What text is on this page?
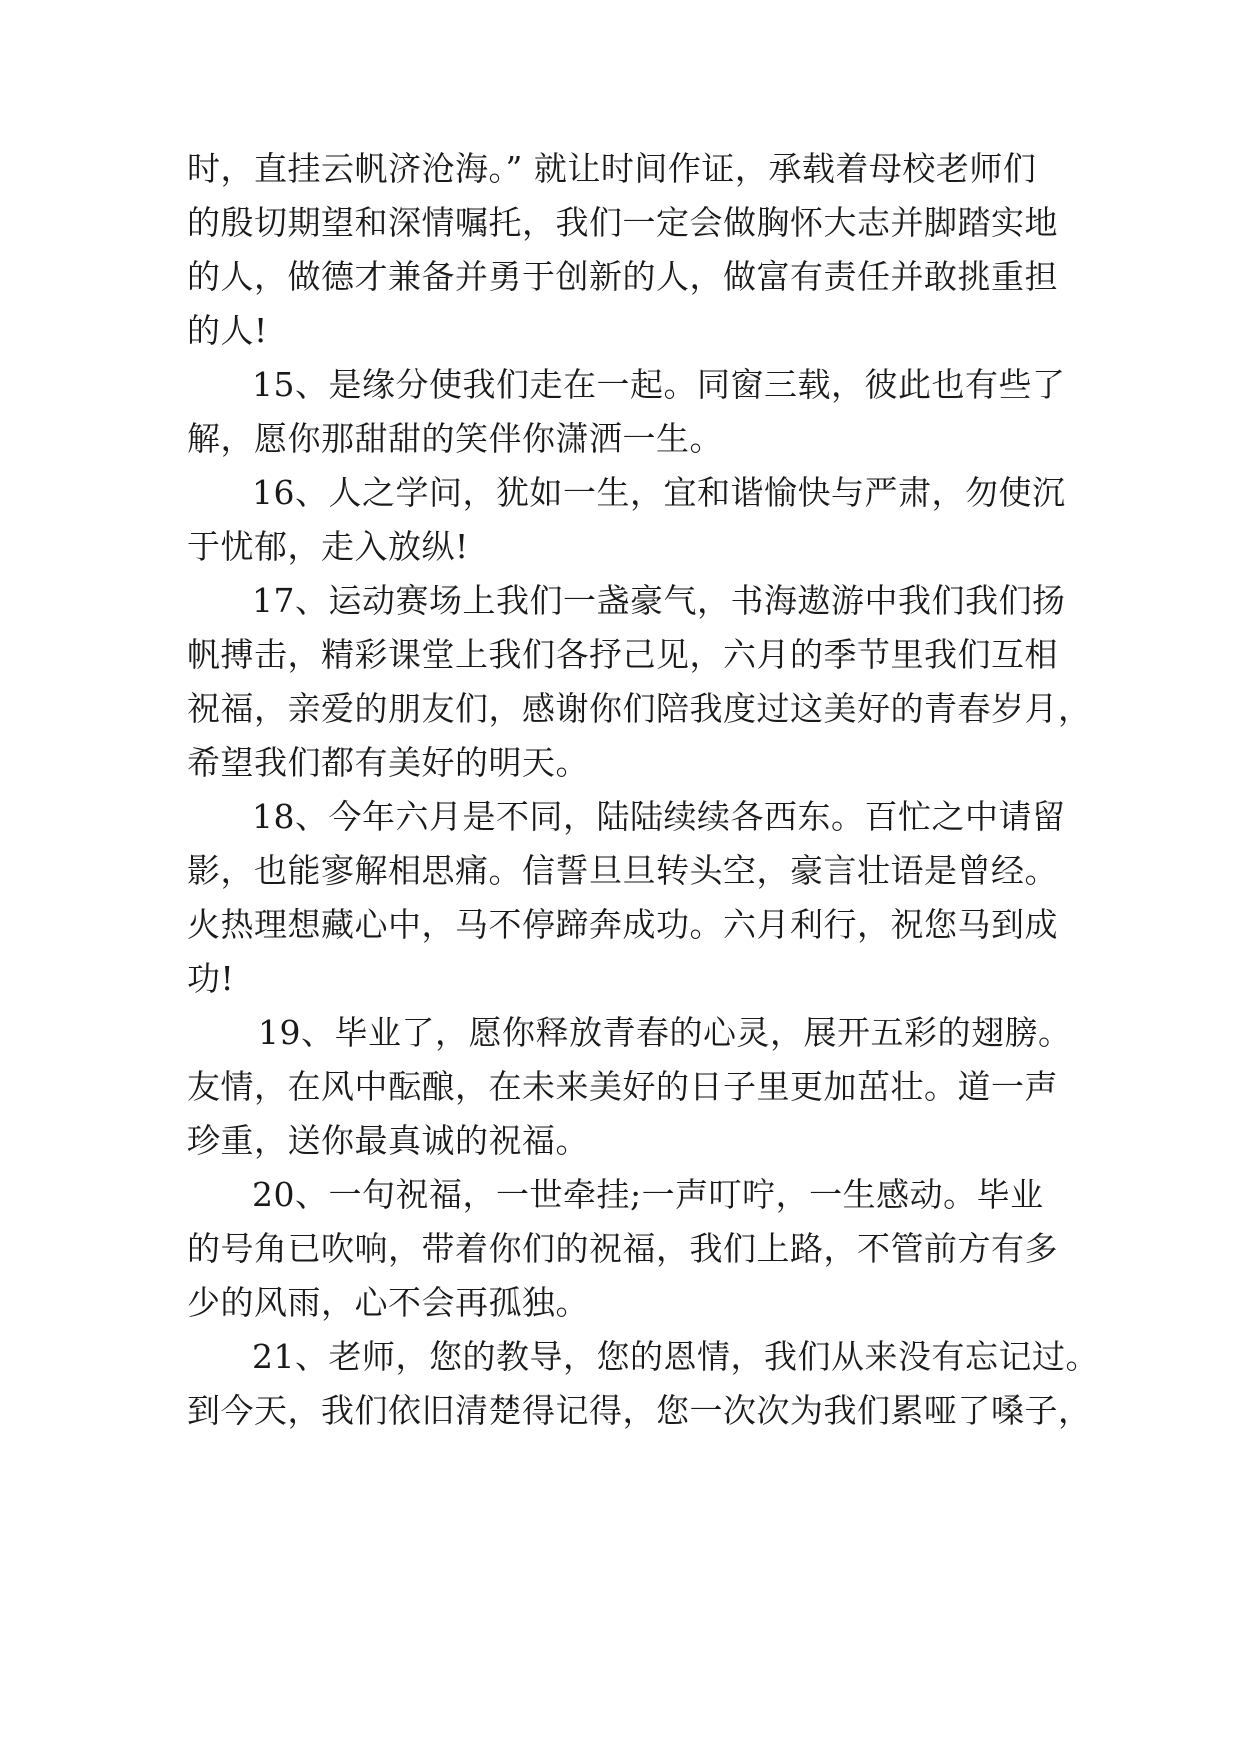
时，直挂云帆济沧海。” 就让时间作证，承载着母校老师们
的殷切期望和深情嘱托，我们一定会做胸怀大志并脚踏实地
的人，做德才兼备并勇于创新的人，做富有责任并敢挑重担
的人!
15、是缘分使我们走在一起。同窗三载，彼此也有些了
解，愿你那甜甜的笑伴你潇洒一生。
16、人之学问，犹如一生，宜和谐愉快与严肃，勿使沉
于忧郁，走入放纵!
17、运动赛场上我们一盏豪气，书海遨游中我们我们扬
帆搏击，精彩课堂上我们各抒己见，六月的季节里我们互相
祝福，亲爱的朋友们，感谢你们陪我度过这美好的青春岁月，
希望我们都有美好的明天。
18、今年六月是不同，陆陆续续各西东。百忙之中请留
影，也能寥解相思痛。信誓旦旦转头空，豪言壮语是曾经。
火热理想藏心中，马不停蹄奔成功。六月利行，祝您马到成
功!
19、毕业了，愿你释放青春的心灵，展开五彩的翅膀。
友情，在风中酝酿，在未来美好的日子里更加茁壮。道一声
珍重，送你最真诚的祝福。
20、一句祝福，一世牵挂;一声叮咛，一生感动。毕业
的号角已吹响，带着你们的祝福，我们上路，不管前方有多
少的风雨，心不会再孤独。
21、老师，您的教导，您的恩情，我们从来没有忘记过。
到今天，我们依旧清楚得记得，您一次次为我们累哑了嗓子，
